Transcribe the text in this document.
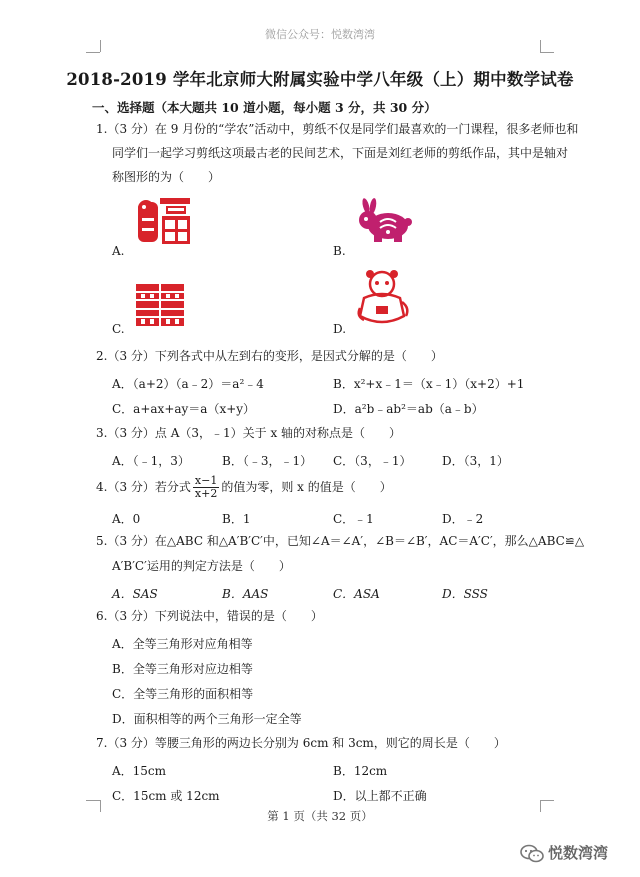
微信公众号：悦数湾湾
2018-2019 学年北京师大附属实验中学八年级（上）期中数学试卷
一、选择题（本大题共 10 道小题，每小题 3 分，共 30 分）
1.（3 分）在 9 月份的“学农”活动中，剪纸不仅是同学们最喜欢的一门课程，很多老师也和
同学们一起学习剪纸这项最古老的民间艺术，下面是刘红老师的剪纸作品，其中是轴对
称图形的为（　　）
A.	B.
C.	D.
2.（3 分）下列各式中从左到右的变形，是因式分解的是（　　）
A．（a+2）（a﹣2）＝a²﹣4	B．x²+x﹣1＝（x﹣1）（x+2）+1
C．a+ax+ay＝a（x+y）	D．a²b﹣ab²＝ab（a﹣b）
3.（3 分）点 A（3，﹣1）关于 x 轴的对称点是（　　）
A．（﹣1，3）	B．（﹣3，﹣1） C．（3，﹣1）	D．（3，1）
4.（3 分）若分式 $\frac{x-1}{x+2}$ 的值为零，则 x 的值是（　　）
A．0	B．1	C．﹣1	D．﹣2
5.（3 分）在△ABC 和△A′B′C′中，已知∠A＝∠A′，∠B＝∠B′，AC＝A′C′，那么△ABC≌△
A′B′C′运用的判定方法是（　　）
A．SAS	B．AAS	C．ASA	D．SSS
6.（3 分）下列说法中，错误的是（　　）
A．全等三角形对应角相等
B．全等三角形对应边相等
C．全等三角形的面积相等
D．面积相等的两个三角形一定全等
7.（3 分）等腰三角形的两边长分别为 6cm 和 3cm，则它的周长是（　　）
A．15cm	B．12cm
C．15cm 或 12cm	D．以上都不正确
第 1 页（共 32 页）
悦数湾湾
